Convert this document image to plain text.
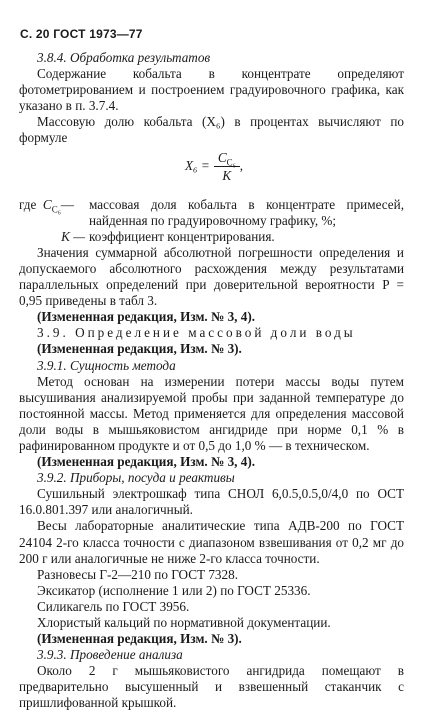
С. 20 ГОСТ 1973—77

3.8.4. Обработка результатов

Содержание кобальта в концентрате определяют фотометрированием и построением градуировочного графика, как указано в п. 3.7.4.

Массовую долю кобальта (X₆) в процентах вычисляют по формуле

$X_6 = \frac{C_{C_6}}{K}$ ,
где $C_{C_6}—$	массовая доля кобальта в концентрате примесей, найденная по градуировочному графику, %;
K — коэффициент концентрирования.

Значения суммарной абсолютной погрешности определения и допускаемого абсолютного расхождения между результатами параллельных определений при доверительной вероятности P = 0,95 приведены в табл 3.

(Измененная редакция, Изм. № 3, 4).

3.9. Определение массовой доли воды

(Измененная редакция, Изм. № 3).

3.9.1. Сущность метода

Метод основан на измерении потери массы воды путем высушивания анализируемой пробы при заданной температуре до постоянной массы. Метод применяется для определения массовой доли воды в мышьяковистом ангидриде при норме 0,1 % в рафинированном продукте и от 0,5 до 1,0 % — в техническом.

(Измененная редакция, Изм. № 3, 4).

3.9.2. Приборы, посуда и реактивы

Сушильный электрошкаф типа СНОЛ 6,0.5,0.5,0/4,0 по ОСТ 16.0.801.397 или аналогичный.

Весы лабораторные аналитические типа АДВ-200 по ГОСТ 24104 2-го класса точности с диапазоном взвешивания от 0,2 мг до 200 г или аналогичные не ниже 2-го класса точности.

Разновесы Г-2—210 по ГОСТ 7328.

Эксикатор (исполнение 1 или 2) по ГОСТ 25336.

Силикагель по ГОСТ 3956.

Хлористый кальций по нормативной документации.

(Измененная редакция, Изм. № 3).

3.9.3. Проведение анализа

Около 2 г мышьяковистого ангидрида помещают в предварительно высушенный и взвешенный стаканчик с пришлифованной крышкой.
